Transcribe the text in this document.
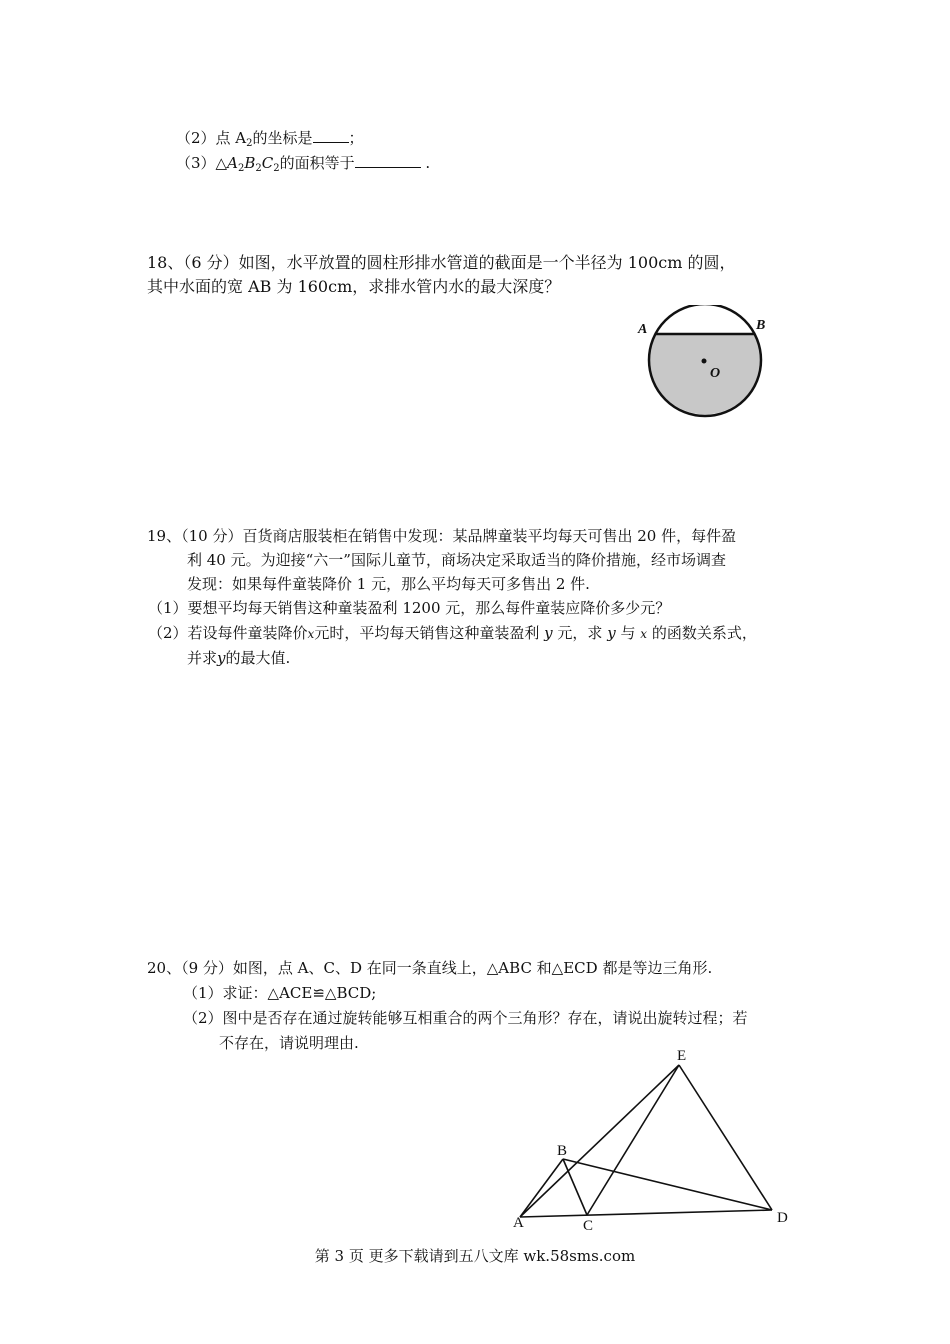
（2）点 $A_2$的坐标是 ；
$(3)\triangle A_2B_2C_2$的面积等于	.
18、（6 分）如图，水平放置的圆柱形排水管道的截面是一个半径为 100cm 的圆，
其中水面的宽 AB 为 160cm，求排水管内水的最大深度？
A	B
O
19、（10 分）百货商店服装柜在销售中发现：某品牌童装平均每天可售出 20 件，每件盈
利 40 元。为迎接“六一”国际儿童节，商场决定采取适当的降价措施，经市场调查
发现：如果每件童装降价 1 元，那么平均每天可多售出 2 件.
（1）要想平均每天销售这种童装盈利 1200 元，那么每件童装应降价多少元？
（2）若设每件童装降价x元时，平均每天销售这种童装盈利 y 元，求 y 与 x 的函数关系式，
并求y的最大值.
20、（9 分）如图，点 A、C、D 在同一条直线上，△ABC 和△ECD 都是等边三角形.
（1）求证：△ACE≌△BCD;
（2）图中是否存在通过旋转能够互相重合的两个三角形？存在，请说出旋转过程；若
不存在，请说明理由.
E
B
A	C	D
第 3 页 更多下载请到五八文库 wk.58sms.com
